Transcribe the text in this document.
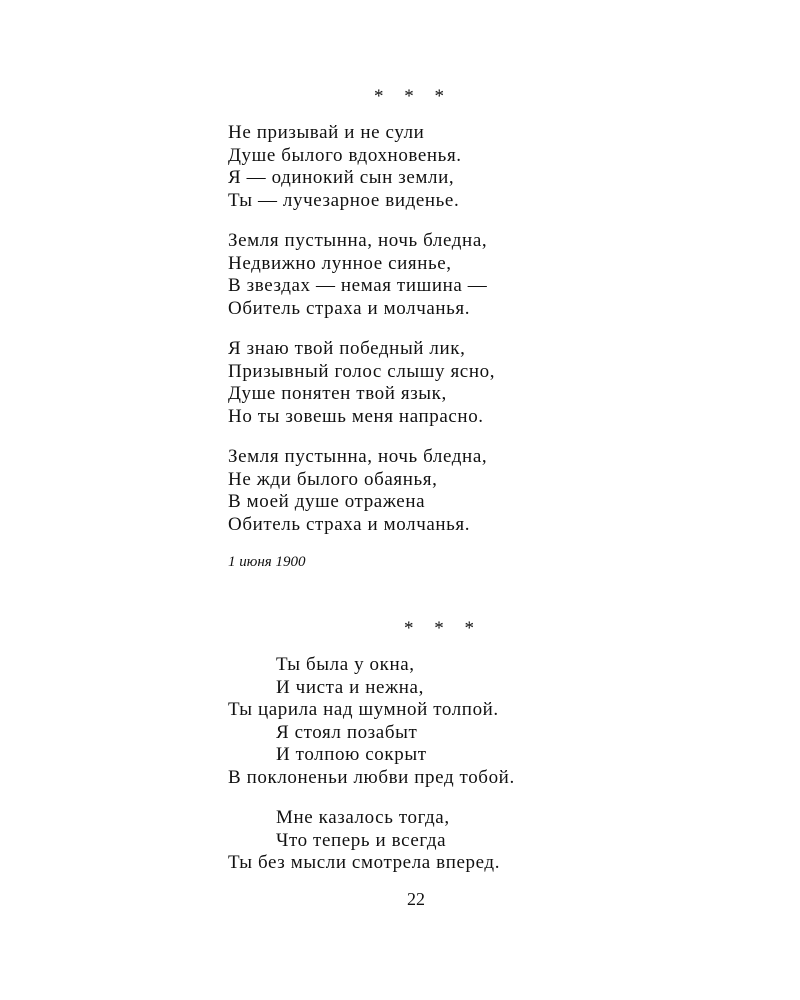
* * *
Не призывай и не сули
Душе былого вдохновенья.
Я — одинокий сын земли,
Ты — лучезарное виденье.
Земля пустынна, ночь бледна,
Недвижно лунное сиянье,
В звездах — немая тишина —
Обитель страха и молчанья.
Я знаю твой победный лик,
Призывный голос слышу ясно,
Душе понятен твой язык,
Но ты зовешь меня напрасно.
Земля пустынна, ночь бледна,
Не жди былого обаянья,
В моей душе отражена
Обитель страха и молчанья.
1 июня 1900
* * *
Ты была у окна,
И чиста и нежна,
Ты царила над шумной толпой.
Я стоял позабыт
И толпою сокрыт
В поклоненьи любви пред тобой.
Мне казалось тогда,
Что теперь и всегда
Ты без мысли смотрела вперед.
22
